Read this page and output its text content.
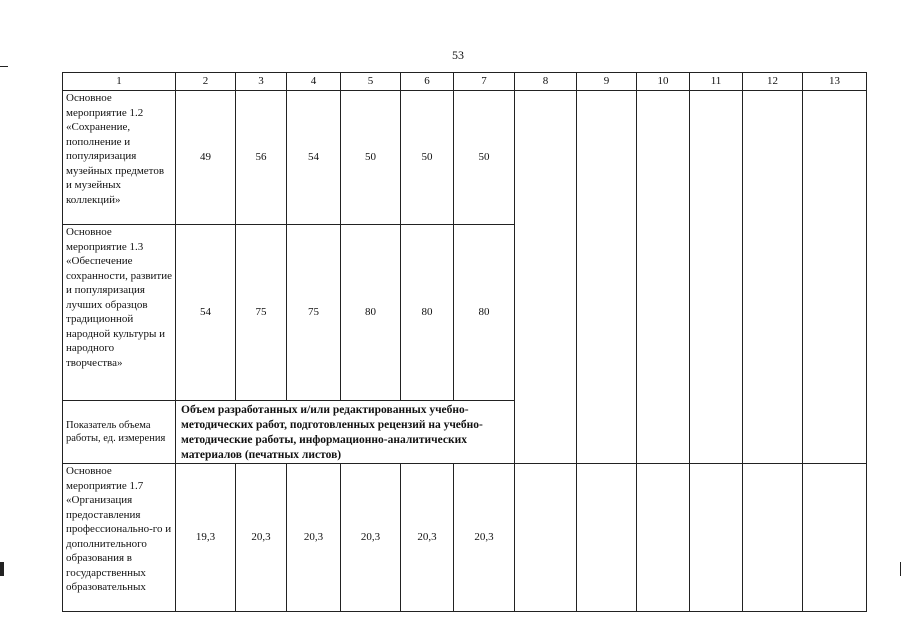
53
1	2	3	4	5	6	7	8	9	10	11	12	13
Основное мероприятие 1.2 «Сохранение, пополнение и популяризация музейных предметов и музейных коллекций»	49	56	54	50	50	50						
Основное мероприятие 1.3 «Обеспечение сохранности, развитие и популяризация лучших образцов традиционной народной культуры и народного творчества»	54	75	75	80	80	80						
Показатель объема работы, ед. измерения	Объем разработанных и/или редактированных учебно-методических работ, подготовленных рецензий на учебно-методические работы, информационно-аналитических материалов (печатных листов)											
Основное мероприятие 1.7 «Организация предоставления профессионально-го и дополнительного образования в государственных образовательных	19,3	20,3	20,3	20,3	20,3	20,3						
